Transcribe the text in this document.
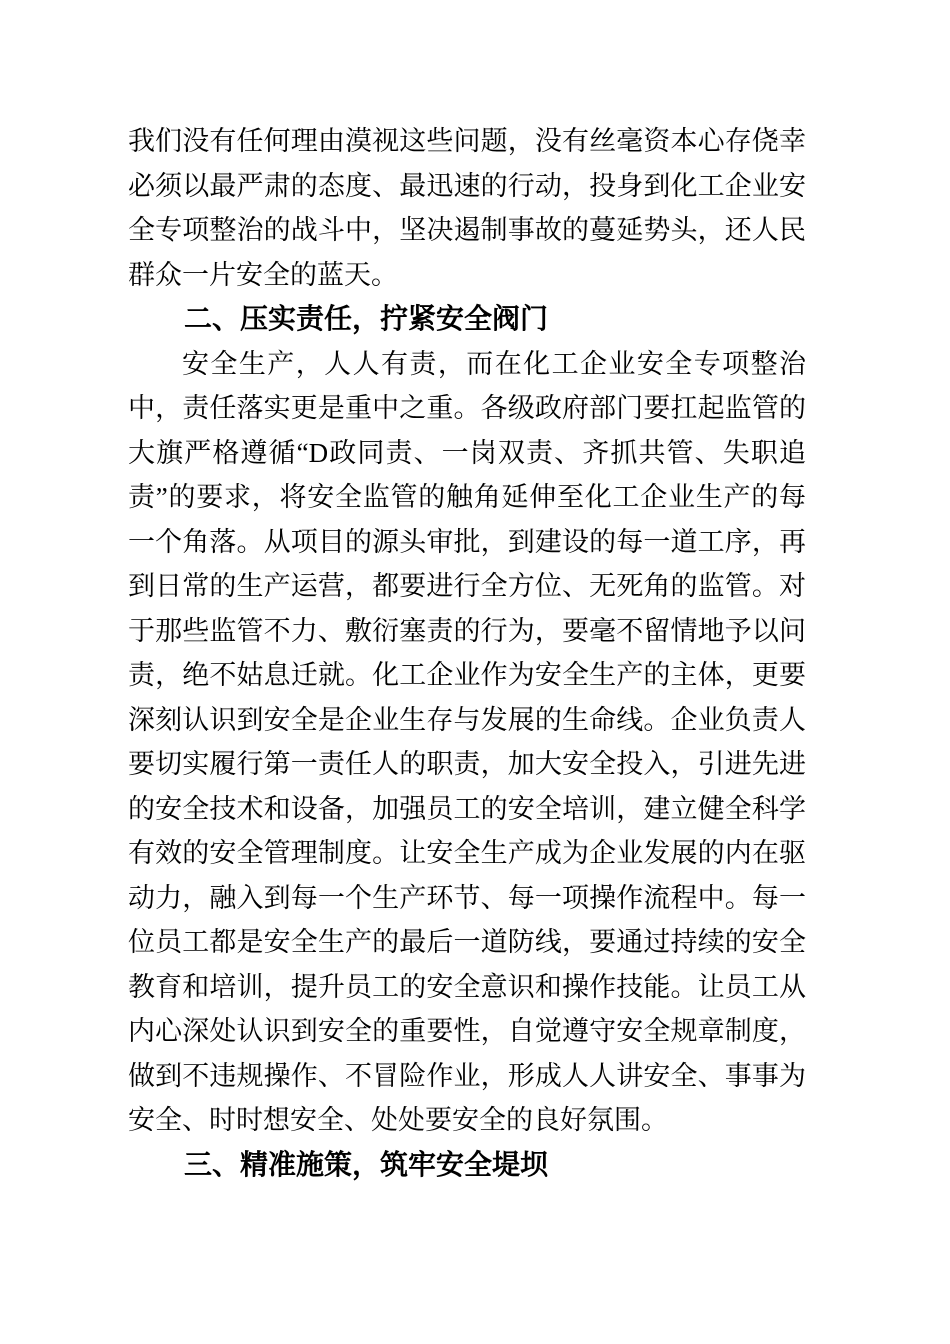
我们没有任何理由漠视这些问题，没有丝毫资本心存侥幸必须以最严肃的态度、最迅速的行动，投身到化工企业安全专项整治的战斗中，坚决遏制事故的蔓延势头，还人民群众一片安全的蓝天。

二、压实责任，拧紧安全阀门

安全生产，人人有责，而在化工企业安全专项整治中，责任落实更是重中之重。各级政府部门要扛起监管的大旗严格遵循“D政同责、一岗双责、齐抓共管、失职追责”的要求，将安全监管的触角延伸至化工企业生产的每一个角落。从项目的源头审批，到建设的每一道工序，再到日常的生产运营，都要进行全方位、无死角的监管。对于那些监管不力、敷衍塞责的行为，要毫不留情地予以问责，绝不姑息迁就。化工企业作为安全生产的主体，更要深刻认识到安全是企业生存与发展的生命线。企业负责人要切实履行第一责任人的职责，加大安全投入，引进先进的安全技术和设备，加强员工的安全培训，建立健全科学有效的安全管理制度。让安全生产成为企业发展的内在驱动力，融入到每一个生产环节、每一项操作流程中。每一位员工都是安全生产的最后一道防线，要通过持续的安全教育和培训，提升员工的安全意识和操作技能。让员工从内心深处认识到安全的重要性，自觉遵守安全规章制度，做到不违规操作、不冒险作业，形成人人讲安全、事事为安全、时时想安全、处处要安全的良好氛围。

三、精准施策，筑牢安全堤坝
